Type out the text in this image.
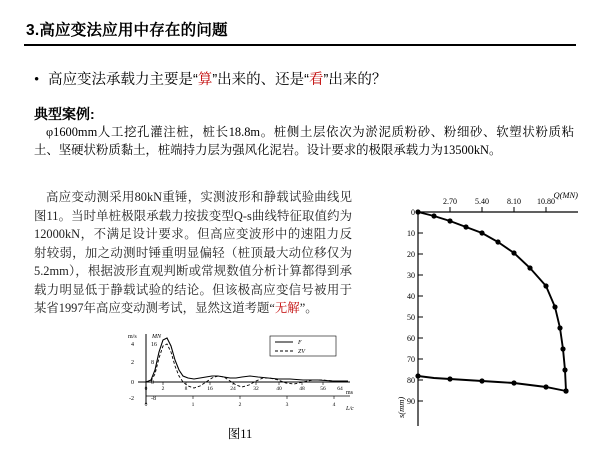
3.高应变法应用中存在的问题
• 高应变法承载力主要是“算”出来的、还是“看”出来的？
典型案例:
φ1600mm人工挖孔灌注桩，桩长18.8m。桩侧土层依次为淤泥质粉砂、粉细砂、软塑状粉质粘土、坚硬状粉质黏土，桩端持力层为强风化泥岩。设计要求的极限承载力为13500kN。
高应变动测采用80kN重锤，实测波形和静载试验曲线见图11。当时单桩极限承载力按拔变型Q-s曲线特征取值约为12000kN，不满足设计要求。但高应变波形中的速阻力反射较弱，加之动测时锤重明显偏轻（桩顶最大动位移仅为5.2mm），根据波形直观判断或常规数值分析计算都得到承载力明显低于静载试验的结论。但该极高应变信号被用于某省1997年高应变动测考试，显然这道考题“无解”。
4
2
0
-2
16
8
0
-8
m/s	MN
ms
L/c
0	2	8	16	24	32	40	48	56 64
0	1	2	3	4
F
ZV
图11
Q(MN)
s(mm)
2.70 5.40 8.10 10.80
0
10
20
30
40
50
60
70
80
90
